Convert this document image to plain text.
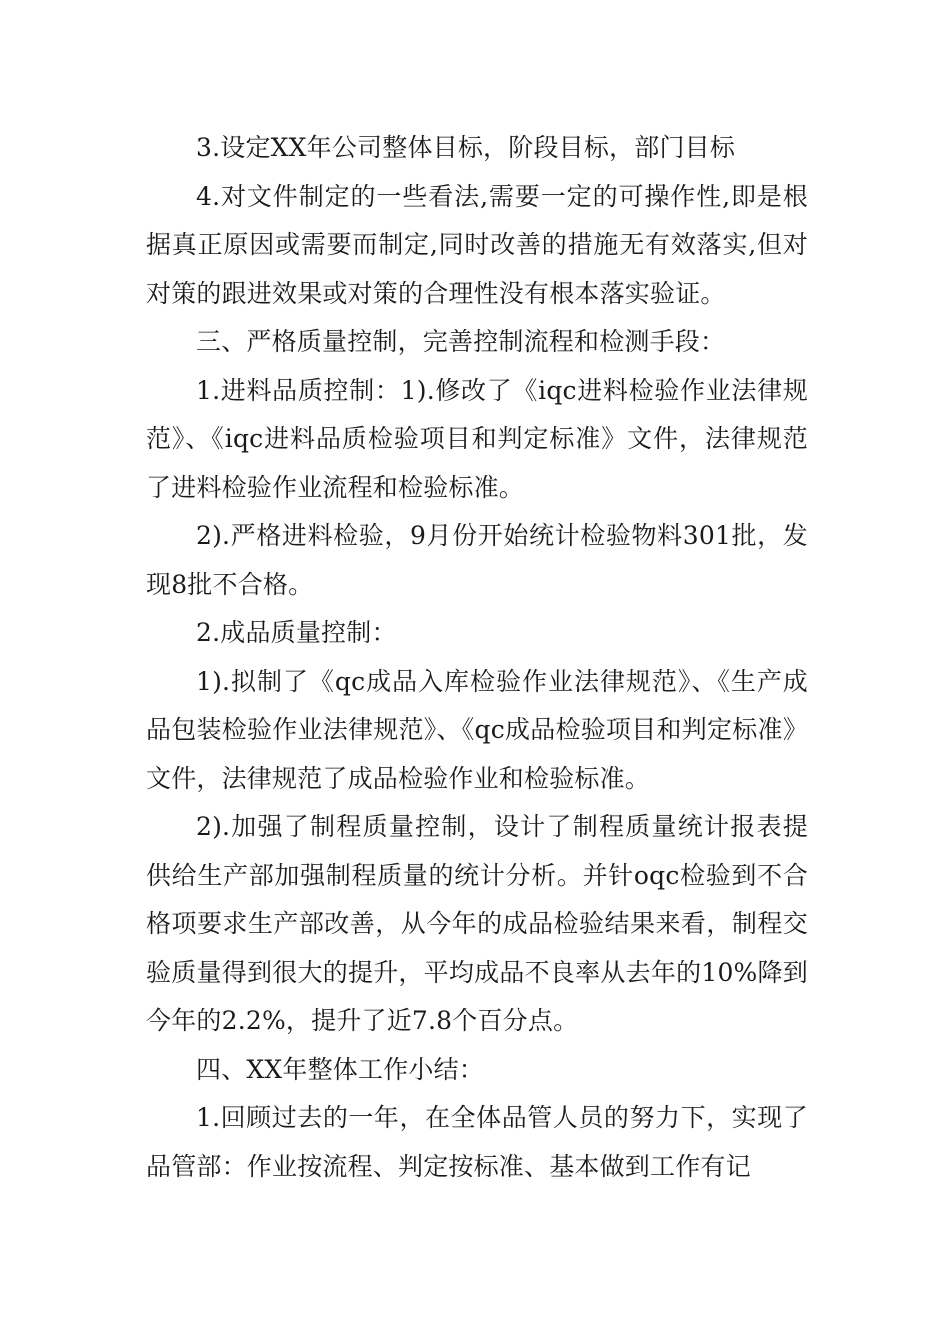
3.设定XX年公司整体目标，阶段目标，部门目标

4.对文件制定的一些看法,需要一定的可操作性,即是根据真正原因或需要而制定,同时改善的措施无有效落实,但对对策的跟进效果或对策的合理性没有根本落实验证。

三、严格质量控制，完善控制流程和检测手段：

1.进料品质控制：1).修改了《iqc进料检验作业法律规范》、《iqc进料品质检验项目和判定标准》文件，法律规范了进料检验作业流程和检验标准。

2).严格进料检验，9月份开始统计检验物料301批，发现8批不合格。

2.成品质量控制：

1).拟制了《qc成品入库检验作业法律规范》、《生产成品包装检验作业法律规范》、《qc成品检验项目和判定标准》文件，法律规范了成品检验作业和检验标准。

2).加强了制程质量控制，设计了制程质量统计报表提供给生产部加强制程质量的统计分析。并针oqc检验到不合格项要求生产部改善，从今年的成品检验结果来看，制程交验质量得到很大的提升，平均成品不良率从去年的10%降到今年的2.2%，提升了近7.8个百分点。

四、XX年整体工作小结：

1.回顾过去的一年，在全体品管人员的努力下，实现了品管部：作业按流程、判定按标准、基本做到工作有记
